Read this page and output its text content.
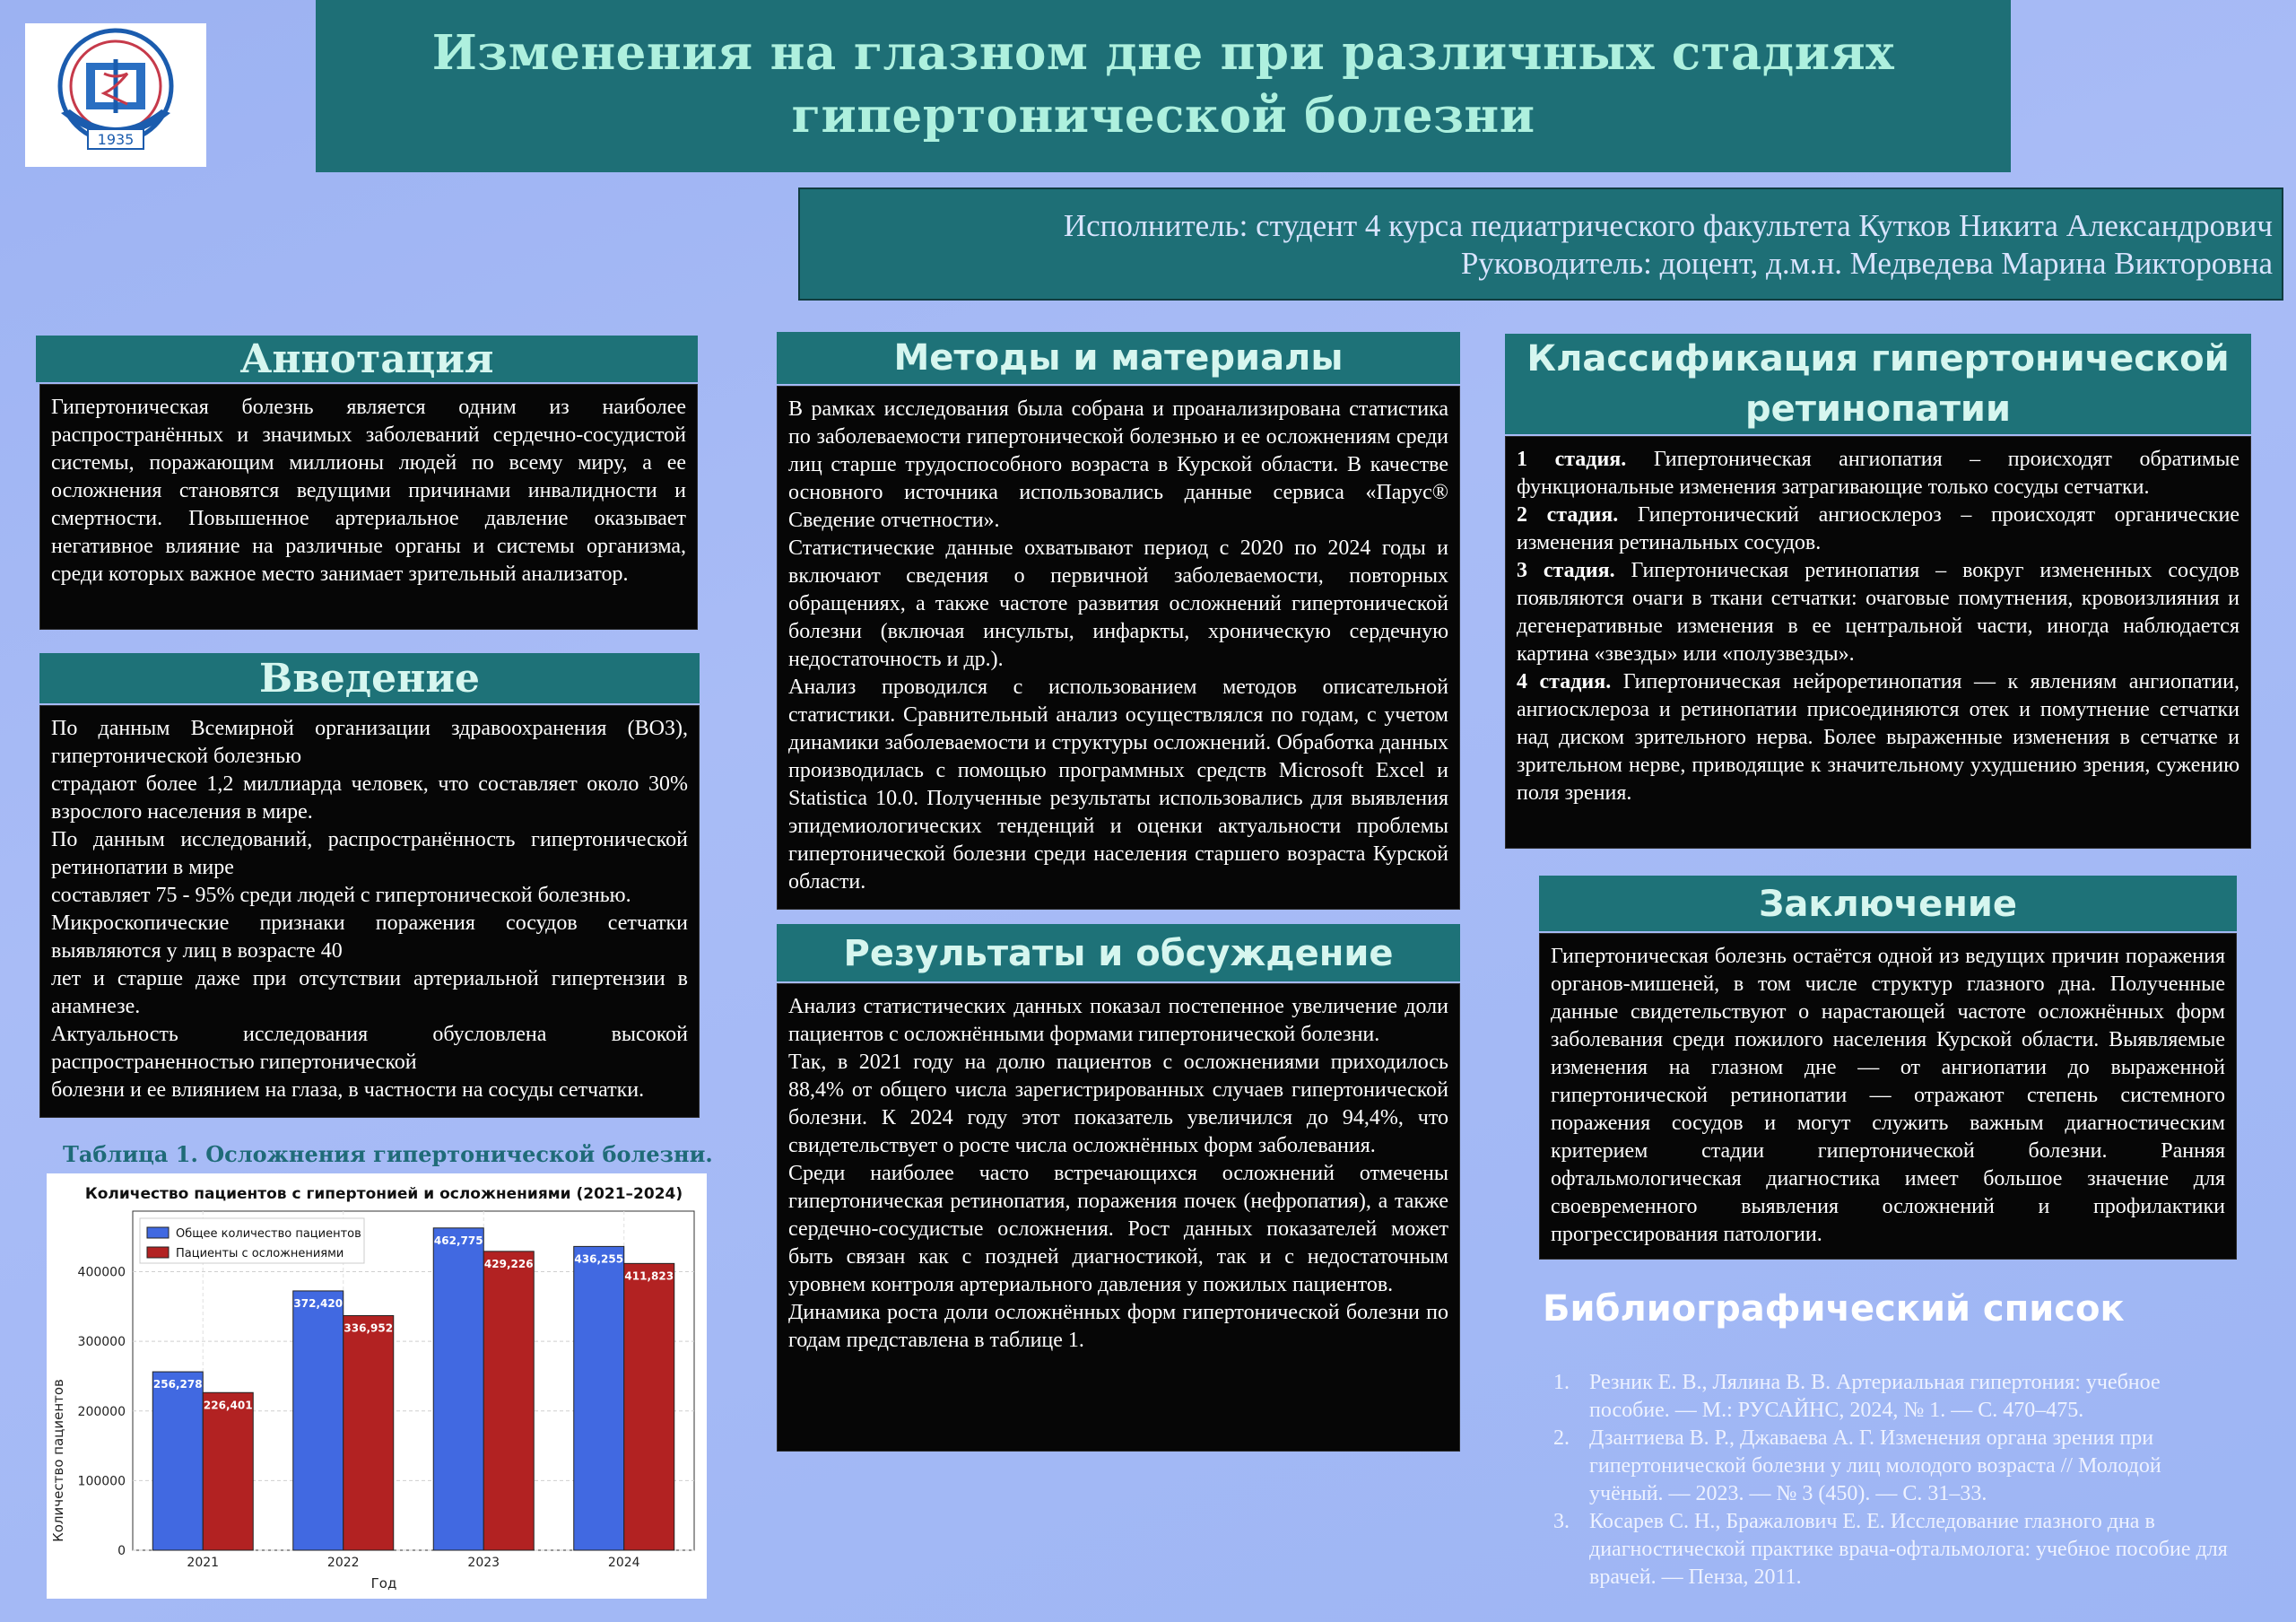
1935
Изменения на глазном дне при различных стадиях
гипертонической болезни
Исполнитель: студент 4 курса педиатрического факультета Кутков Никита Александрович
Руководитель: доцент, д.м.н. Медведева Марина Викторовна
Аннотация

Гипертоническая болезнь является одним из наиболее распространённых и значимых заболеваний сердечно-сосудистой системы, поражающим миллионы людей по всему миру, а ее осложнения становятся ведущими причинами инвалидности и смертности. Повышенное артериальное давление оказывает негативное влияние на различные органы и системы организма, среди которых важное место занимает зрительный анализатор.

Введение

По данным Всемирной организации здравоохранения (ВОЗ), гипертонической болезнью

страдают более 1,2 миллиарда человек, что составляет около 30% взрослого населения в мире.

По данным исследований, распространённость гипертонической ретинопатии в мире

составляет 75 - 95% среди людей с гипертонической болезнью.

Микроскопические признаки поражения сосудов сетчатки выявляются у лиц в возрасте 40

лет и старше даже при отсутствии артериальной гипертензии в анамнезе.

Актуальность исследования обусловлена высокой распространенностью гипертонической

болезни и ее влиянием на глаза, в частности на сосуды сетчатки.

Таблица 1. Осложнения гипертонической болезни.
Количество пациентов с гипертонией и осложнениями (2021–2024)
256,278
226,401
372,420
336,952
462,775
429,226	436,255
411,823
0
100000
200000
300000
400000
2021	2022	2023	2024
Общее количество пациентов
Пациенты с осложнениями
Год
Количество пациентов
Методы и материалы

В рамках исследования была собрана и проанализирована статистика по заболеваемости гипертонической болезнью и ее осложнениям среди лиц старше трудоспособного возраста в Курской области. В качестве основного источника использовались данные сервиса «Парус® Сведение отчетности».

Статистические данные охватывают период с 2020 по 2024 годы и включают сведения о первичной заболеваемости, повторных обращениях, а также частоте развития осложнений гипертонической болезни (включая инсульты, инфаркты, хроническую сердечную недостаточность и др.).

Анализ проводился с использованием методов описательной статистики. Сравнительный анализ осуществлялся по годам, с учетом динамики заболеваемости и структуры осложнений. Обработка данных производилась с помощью программных средств Microsoft Excel и Statistica 10.0. Полученные результаты использовались для выявления эпидемиологических тенденций и оценки актуальности проблемы гипертонической болезни среди населения старшего возраста Курской области.

Результаты и обсуждение

Анализ статистических данных показал постепенное увеличение доли пациентов с осложнёнными формами гипертонической болезни.

Так, в 2021 году на долю пациентов с осложнениями приходилось 88,4% от общего числа зарегистрированных случаев гипертонической болезни. К 2024 году этот показатель увеличился до 94,4%, что свидетельствует о росте числа осложнённых форм заболевания.

Среди наиболее часто встречающихся осложнений отмечены гипертоническая ретинопатия, поражения почек (нефропатия), а также сердечно-сосудистые осложнения. Рост данных показателей может быть связан как с поздней диагностикой, так и с недостаточным уровнем контроля артериального давления у пожилых пациентов.

Динамика роста доли осложнённых форм гипертонической болезни по годам представлена в таблице 1.

Классификация гипертонической
ретинопатии

1 стадия. Гипертоническая ангиопатия – происходят обратимые функциональные изменения затрагивающие только сосуды сетчатки.

2 стадия. Гипертонический ангиосклероз – происходят органические изменения ретинальных сосудов.

3 стадия. Гипертоническая ретинопатия – вокруг измененных сосудов появляются очаги в ткани сетчатки: очаговые помутнения, кровоизлияния и дегенеративные изменения в ее центральной части, иногда наблюдается картина «звезды» или «полузвезды».

4 стадия. Гипертоническая нейроретинопатия — к явлениям ангиопатии, ангиосклероза и ретинопатии присоединяются отек и помутнение сетчатки над диском зрительного нерва. Более выраженные изменения в сетчатке и зрительном нерве, приводящие к значительному ухудшению зрения, сужению поля зрения.

Заключение

Гипертоническая болезнь остаётся одной из ведущих причин поражения органов-мишеней, в том числе структур глазного дна. Полученные данные свидетельствуют о нарастающей частоте осложнённых форм заболевания среди пожилого населения Курской области. Выявляемые изменения на глазном дне — от ангиопатии до выраженной гипертонической ретинопатии — отражают степень системного поражения сосудов и могут служить важным диагностическим критерием стадии гипертонической болезни. Ранняя офтальмологическая диагностика имеет большое значение для своевременного выявления осложнений и профилактики прогрессирования патологии.

Библиографический список
1. Резник Е. В., Лялина В. В. Артериальная гипертония: учебное пособие. — М.: РУСАЙНС, 2024, № 1. — С. 470–475.
2. Дзантиева В. Р., Джаваева А. Г. Изменения органа зрения при гипертонической болезни у лиц молодого возраста // Молодой учёный. — 2023. — № 3 (450). — С. 31–33.
3. Косарев С. Н., Бражалович Е. Е. Исследование глазного дна в диагностической практике врача-офтальмолога: учебное пособие для врачей. — Пенза, 2011.
